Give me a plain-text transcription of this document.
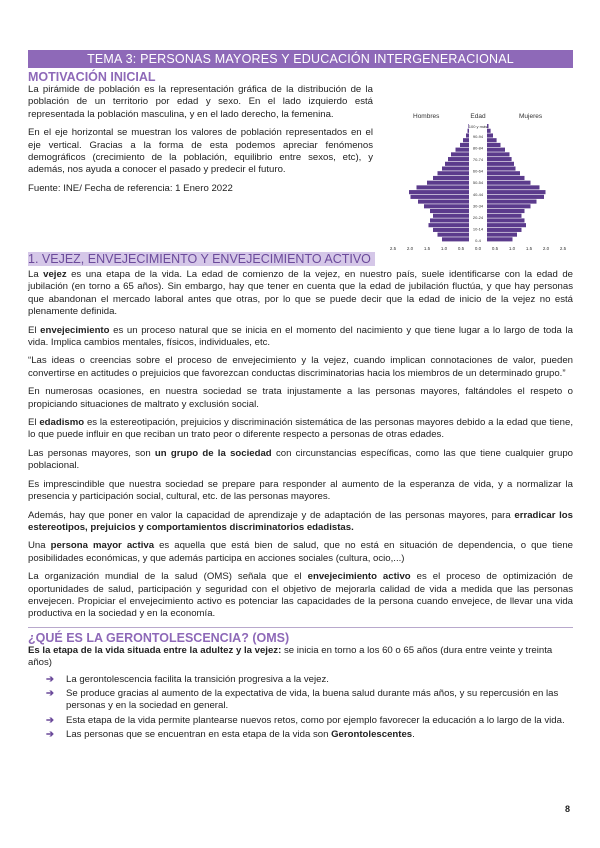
TEMA 3: PERSONAS MAYORES Y EDUCACIÓN INTERGENERACIONAL
MOTIVACIÓN INICIAL

La pirámide de población es la representación gráfica de la distribución de la población de un territorio por edad y sexo. En el lado izquierdo está representada la población masculina, y en el lado derecho, la femenina.

En el eje horizontal se muestran los valores de población representados en el eje vertical. Gracias a la forma de esta podemos apreciar fenómenos demográficos (crecimiento de la población, equilibrio entre sexos, etc), y además, nos ayuda a conocer el pasado y predecir el futuro.

Fuente: INE/ Fecha de referencia: 1 Enero 2022

Hombres	Edad	Mujeres
100 y más
90-94
80-84
70-74
60-64
50-54
40-44
30-34
20-24
10-14
0-4
2,5 2,0 1,5 1,0 0,5 0,0 0,5 1,0 1,5 2,0 2,5
1. VEJEZ, ENVEJECIMIENTO Y ENVEJECIMIENTO ACTIVO

La vejez es una etapa de la vida. La edad de comienzo de la vejez, en nuestro país, suele identificarse con la edad de jubilación (en torno a 65 años). Sin embargo, hay que tener en cuenta que la edad de jubilación fluctúa, y que hay personas que abandonan el mercado laboral antes que otras, por lo que se puede decir que la edad de inicio de la vejez no está plenamente definida.

El envejecimiento es un proceso natural que se inicia en el momento del nacimiento y que tiene lugar a lo largo de toda la vida. Implica cambios mentales, físicos, individuales, etc.

“Las ideas o creencias sobre el proceso de envejecimiento y la vejez, cuando implican connotaciones de valor, pueden convertirse en actitudes o prejuicios que favorezcan conductas discriminatorias hacia los miembros de un determinado grupo.”

En numerosas ocasiones, en nuestra sociedad se trata injustamente a las personas mayores, faltándoles el respeto o propiciando situaciones de maltrato y exclusión social.

El edadismo es la estereotipación, prejuicios y discriminación sistemática de las personas mayores debido a la edad que tiene, lo que puede influir en que reciban un trato peor o diferente respecto a personas de otras edades.

Las personas mayores, son un grupo de la sociedad con circunstancias específicas, como las que tiene cualquier grupo poblacional.

Es imprescindible que nuestra sociedad se prepare para responder al aumento de la esperanza de vida, y a normalizar la presencia y participación social, cultural, etc. de las personas mayores.

Además, hay que poner en valor la capacidad de aprendizaje y de adaptación de las personas mayores, para erradicar los estereotipos, prejuicios y comportamientos discriminatorios edadistas.

Una persona mayor activa es aquella que está bien de salud, que no está en situación de dependencia, o que tiene posibilidades económicas, y que además participa en acciones sociales (cultura, ocio,...)

La organización mundial de la salud (OMS) señala que el envejecimiento activo es el proceso de optimización de oportunidades de salud, participación y seguridad con el objetivo de mejorarla calidad de vida a medida que las personas envejecen. Propiciar el envejecimiento activo es potenciar las capacidades de la persona cuando envejece, de llevar una vida productiva en la sociedad y en la economía.

¿QUÉ ES LA GERONTOLESCENCIA? (OMS)

Es la etapa de la vida situada entre la adultez y la vejez: se inicia en torno a los 60 o 65 años (dura entre veinte y treinta años)

➔ La gerontolescencia facilita la transición progresiva a la vejez.
➔ Se produce gracias al aumento de la expectativa de vida, la buena salud durante más años, y su repercusión en las personas y en la sociedad en general.
➔ Esta etapa de la vida permite plantearse nuevos retos, como por ejemplo favorecer la educación a lo largo de la vida.
➔ Las personas que se encuentran en esta etapa de la vida son Gerontolescentes.
8
